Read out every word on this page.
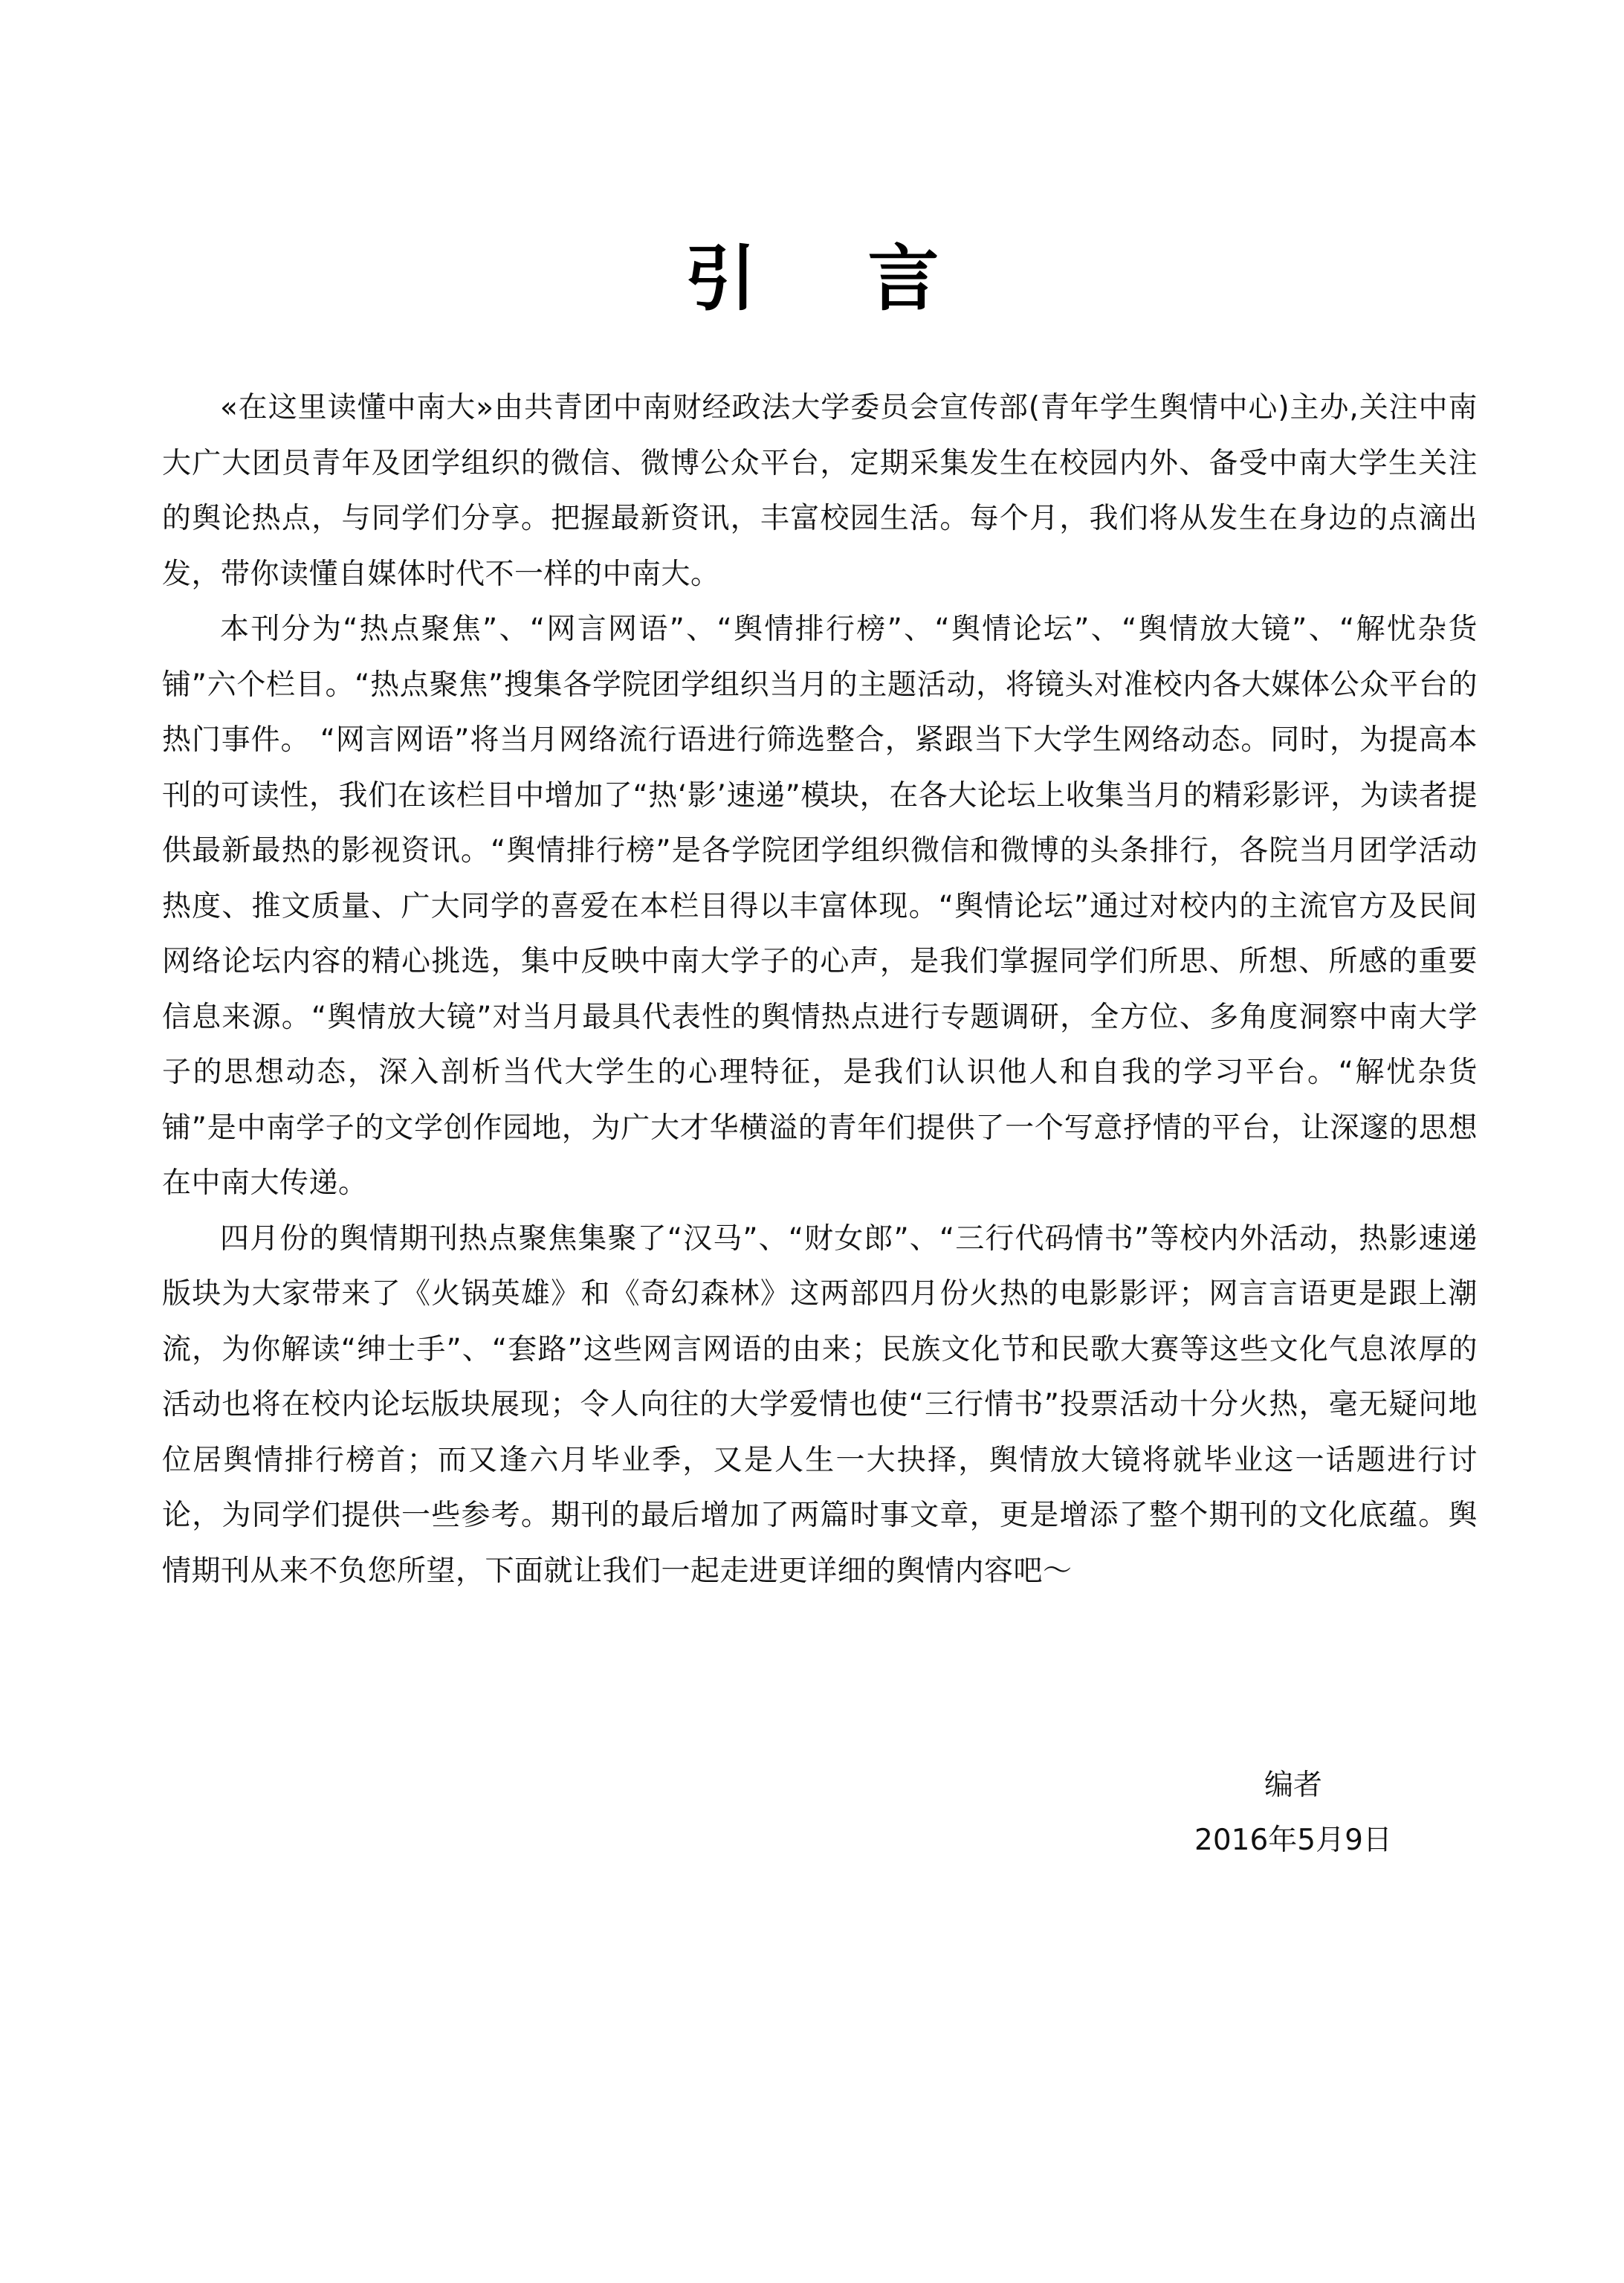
引 言

«在这里读懂中南大»由共青团中南财经政法大学委员会宣传部(青年学生舆情中心)主办,关注中南大广大团员青年及团学组织的微信、微博公众平台，定期采集发生在校园内外、备受中南大学生关注的舆论热点，与同学们分享。把握最新资讯，丰富校园生活。每个月，我们将从发生在身边的点滴出发，带你读懂自媒体时代不一样的中南大。

本刊分为“热点聚焦”、“网言网语”、“舆情排行榜”、“舆情论坛”、“舆情放大镜”、“解忧杂货铺”六个栏目。“热点聚焦”搜集各学院团学组织当月的主题活动，将镜头对准校内各大媒体公众平台的热门事件。 “网言网语”将当月网络流行语进行筛选整合，紧跟当下大学生网络动态。同时，为提高本刊的可读性，我们在该栏目中增加了“热‘影’速递”模块，在各大论坛上收集当月的精彩影评，为读者提供最新最热的影视资讯。“舆情排行榜”是各学院团学组织微信和微博的头条排行，各院当月团学活动热度、推文质量、广大同学的喜爱在本栏目得以丰富体现。“舆情论坛”通过对校内的主流官方及民间网络论坛内容的精心挑选，集中反映中南大学子的心声，是我们掌握同学们所思、所想、所感的重要信息来源。“舆情放大镜”对当月最具代表性的舆情热点进行专题调研，全方位、多角度洞察中南大学子的思想动态，深入剖析当代大学生的心理特征，是我们认识他人和自我的学习平台。“解忧杂货铺”是中南学子的文学创作园地，为广大才华横溢的青年们提供了一个写意抒情的平台，让深邃的思想在中南大传递。

四月份的舆情期刊热点聚焦集聚了“汉马”、“财女郎”、“三行代码情书”等校内外活动，热影速递版块为大家带来了《火锅英雄》和《奇幻森林》这两部四月份火热的电影影评；网言言语更是跟上潮流，为你解读“绅士手”、“套路”这些网言网语的由来；民族文化节和民歌大赛等这些文化气息浓厚的活动也将在校内论坛版块展现；令人向往的大学爱情也使“三行情书”投票活动十分火热，毫无疑问地位居舆情排行榜首；而又逢六月毕业季，又是人生一大抉择，舆情放大镜将就毕业这一话题进行讨论，为同学们提供一些参考。期刊的最后增加了两篇时事文章，更是增添了整个期刊的文化底蕴。舆情期刊从来不负您所望，下面就让我们一起走进更详细的舆情内容吧～

编者
2016年5月9日
